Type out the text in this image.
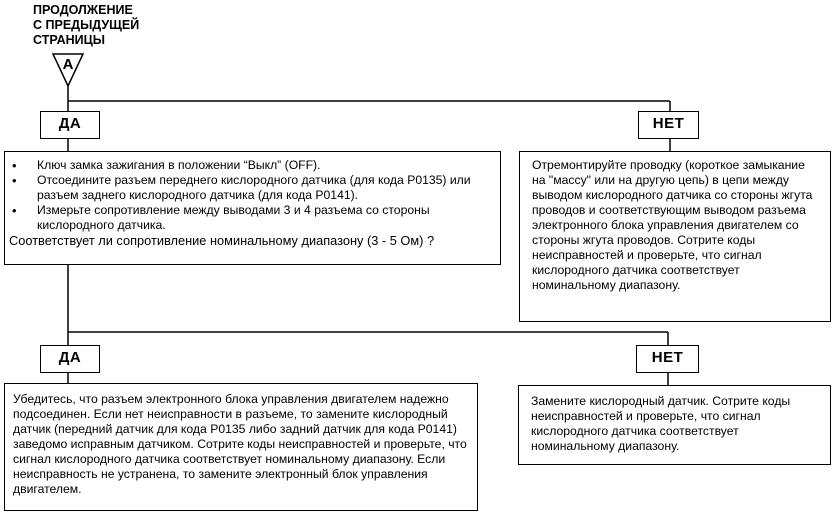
ПРОДОЛЖЕНИЕ
С ПРЕДЫДУЩЕЙ
СТРАНИЦЫ
A
ДА	НЕТ
• Ключ замка зажигания в положении “Выкл” (OFF).
• Отсоедините разъем переднего кислородного датчика (для кода P0135) или разъем заднего кислородного датчика (для кода P0141).
• Измерьте сопротивление между выводами 3 и 4 разъема со стороны кислородного датчика.
Соответствует ли сопротивление номинальному диапазону (3 - 5 Ом) ?
Отремонтируйте проводку (короткое замыкание на "массу" или на другую цепь) в цепи между выводом кислородного датчика со стороны жгута проводов и соответствующим выводом разъема электронного блока управления двигателем со стороны жгута проводов. Сотрите коды неисправностей и проверьте, что сигнал кислородного датчика соответствует номинальному диапазону.
ДА	НЕТ
Убедитесь, что разъем электронного блока управления двигателем надежно подсоединен. Если нет неисправности в разъеме, то замените кислородный датчик (передний датчик для кода P0135 либо задний датчик для кода P0141) заведомо исправным датчиком. Сотрите коды неисправностей и проверьте, что сигнал кислородного датчика соответствует номинальному диапазону. Если неисправность не устранена, то замените электронный блок управления двигателем.
Замените кислородный датчик. Сотрите коды неисправностей и проверьте, что сигнал кислородного датчика соответствует номинальному диапазону.
